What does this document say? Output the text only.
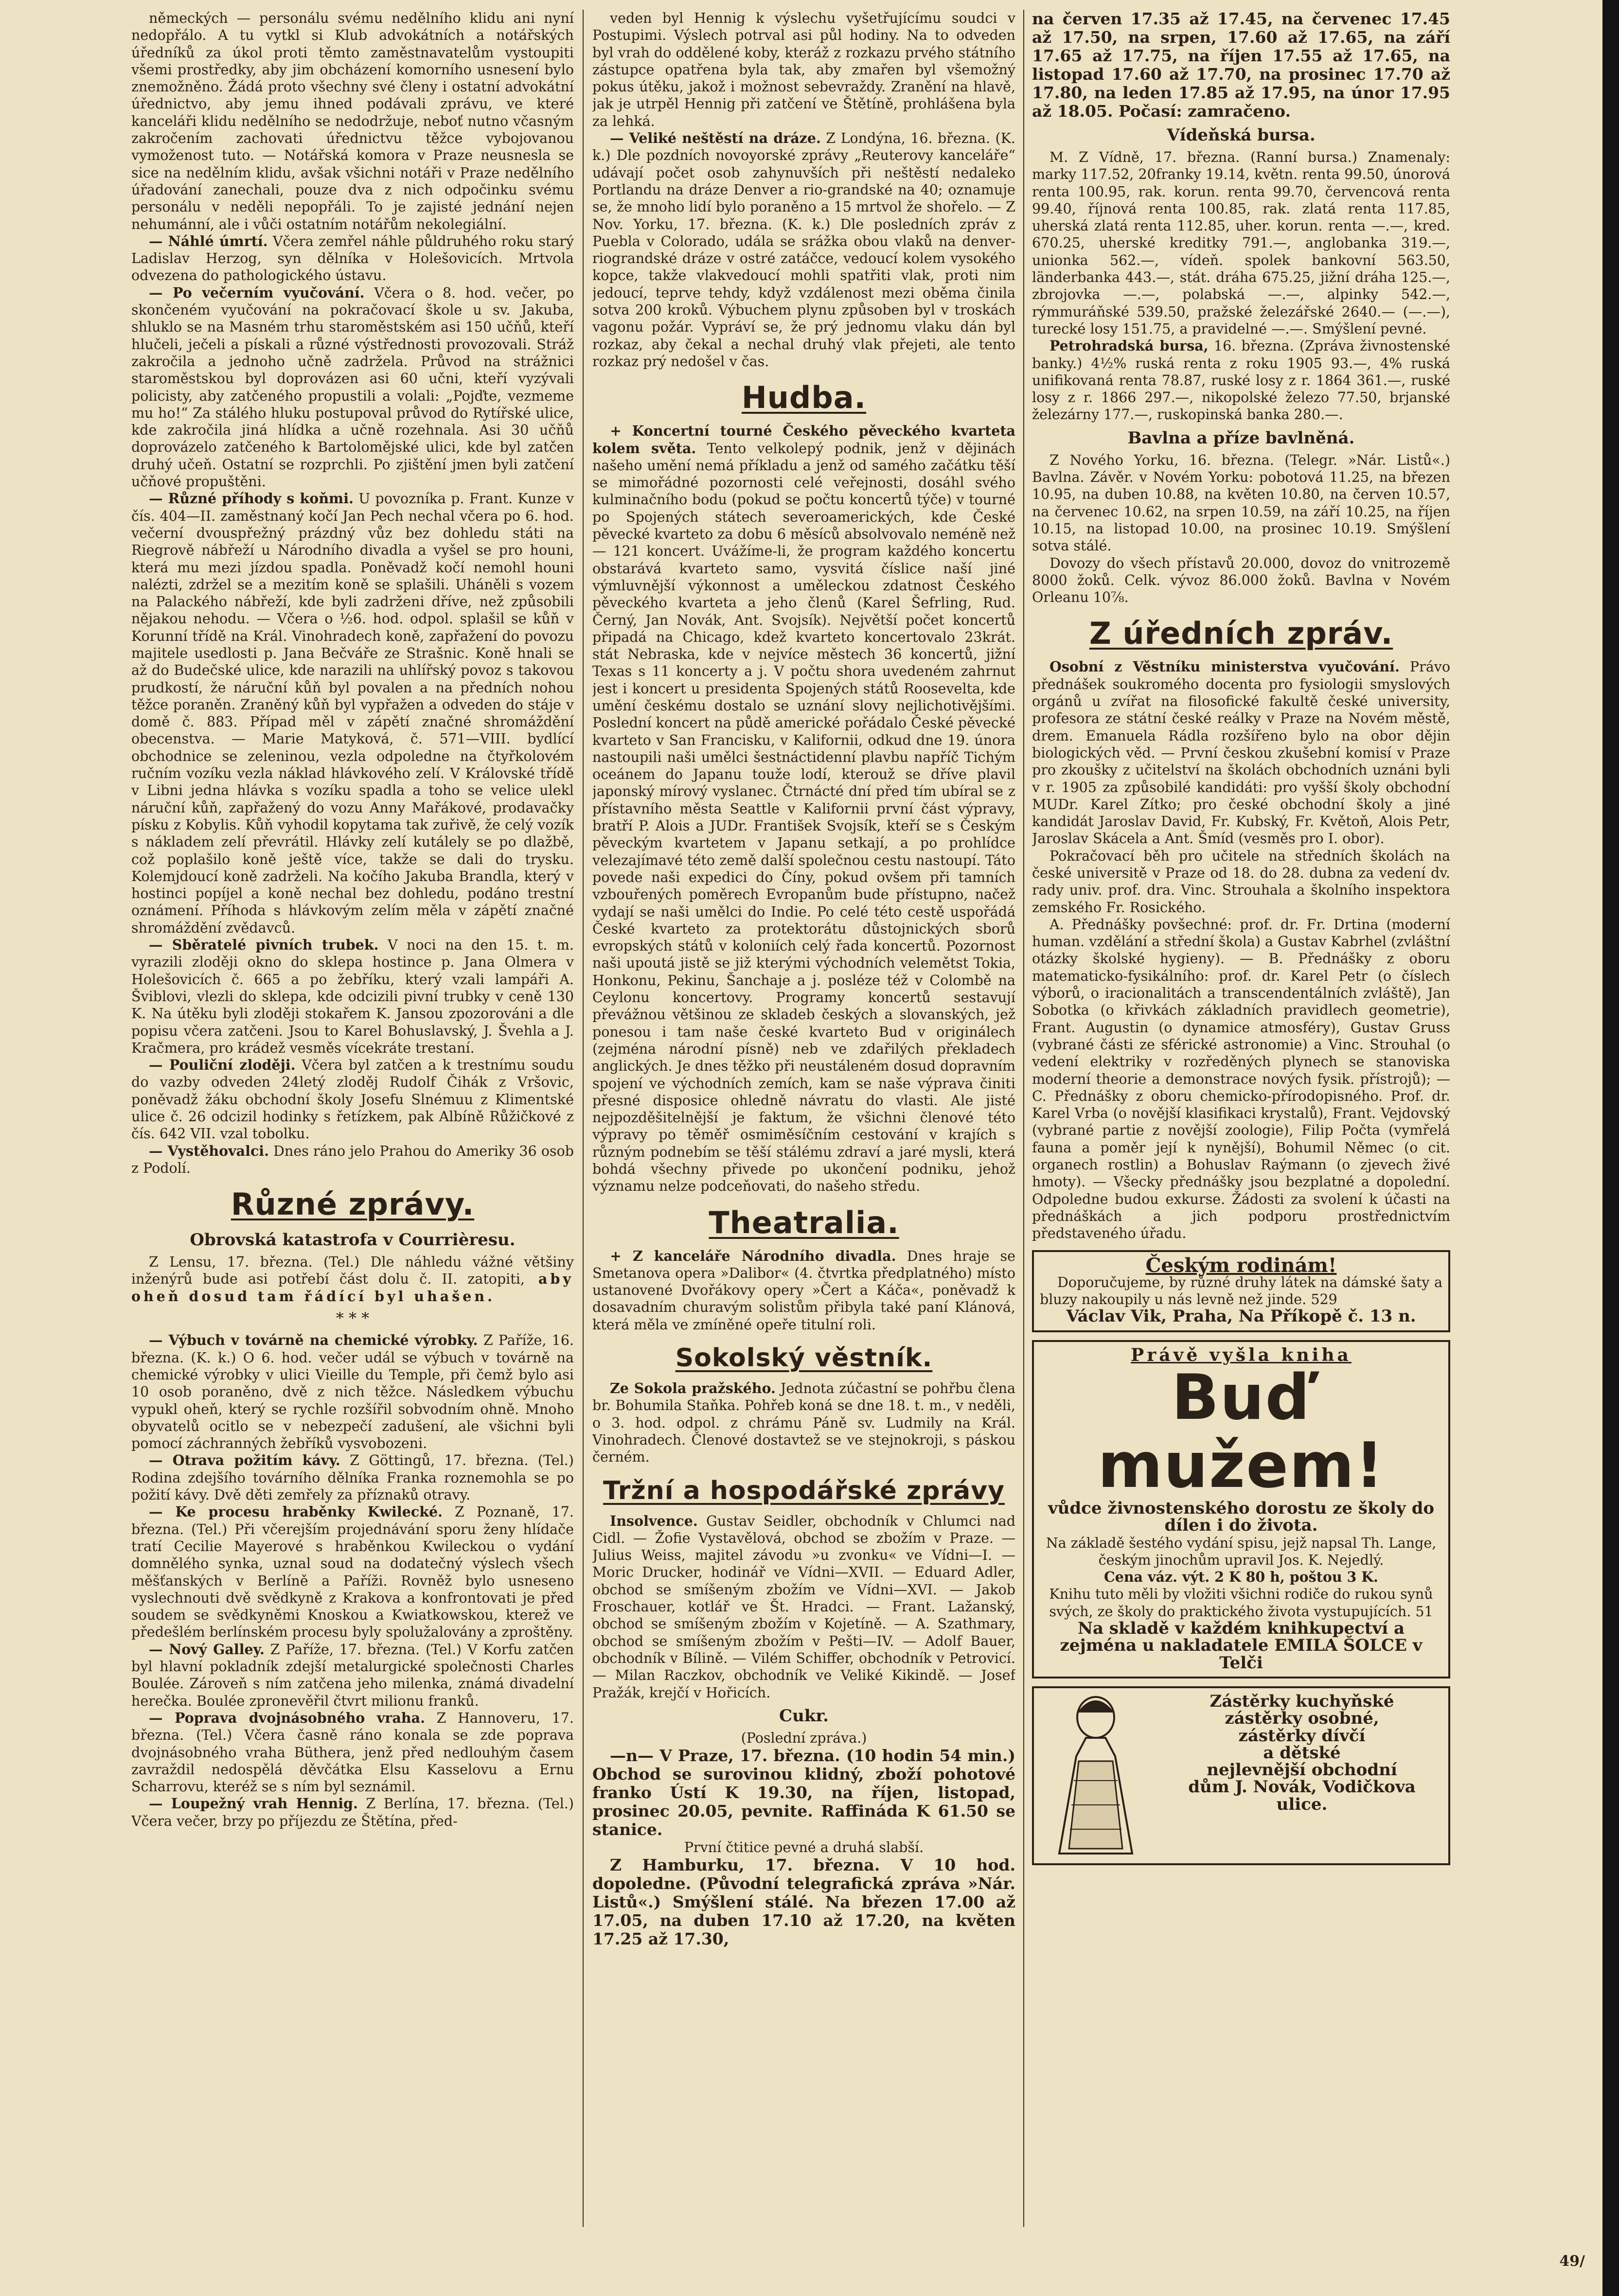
německých — personálu svému nedělního klidu ani nyní nedopřálo. A tu vytkl si Klub advokátních a notářských úředníků za úkol proti těmto zaměstnavatelům vystoupiti všemi prostředky, aby jim obcházení komorního usnesení bylo znemožněno. Žádá proto všechny své členy i ostatní advokátní úřednictvo, aby jemu ihned podávali zprávu, ve které kanceláři klidu nedělního se nedodržuje, neboť nutno včasným zakročením zachovati úřednictvu těžce vybojovanou vymoženost tuto. — Notářská komora v Praze neusnesla se sice na nedělním klidu, avšak všichni notáři v Praze nedělního úřadování zanechali, pouze dva z nich odpočinku svému personálu v neděli nepopřáli. To je zajisté jednání nejen nehumánní, ale i vůči ostatním notářům nekolegiální.

— Náhlé úmrtí. Včera zemřel náhle půldruhého roku starý Ladislav Herzog, syn dělníka v Holešovicích. Mrtvola odvezena do pathologického ústavu.

— Po večerním vyučování. Včera o 8. hod. večer, po skončeném vyučování na pokračovací škole u sv. Jakuba, shluklo se na Masném trhu staroměstském asi 150 učňů, kteří hlučeli, ječeli a pískali a různé výstřednosti provozovali. Stráž zakročila a jednoho učně zadržela. Průvod na strážnici staroměstskou byl doprovázen asi 60 učni, kteří vyzývali policisty, aby zatčeného propustili a volali: „Pojďte, vezmeme mu ho!“ Za stálého hluku postupoval průvod do Rytířské ulice, kde zakročila jiná hlídka a učně rozehnala. Asi 30 učňů doprovázelo zatčeného k Bartolomějské ulici, kde byl zatčen druhý učeň. Ostatní se rozprchli. Po zjištění jmen byli zatčení učňové propuštěni.

— Různé příhody s koňmi. U povozníka p. Frant. Kunze v čís. 404—II. zaměstnaný kočí Jan Pech nechal včera po 6. hod. večerní dvouspřežný prázdný vůz bez dohledu státi na Riegrově nábřeží u Národního divadla a vyšel se pro houni, která mu mezi jízdou spadla. Poněvadž kočí nemohl houni nalézti, zdržel se a mezitím koně se splašili. Uháněli s vozem na Palackého nábřeží, kde byli zadrženi dříve, než způsobili nějakou nehodu. — Včera o ½6. hod. odpol. splašil se kůň v Korunní třídě na Král. Vinohradech koně, zapřažení do povozu majitele usedlosti p. Jana Bečváře ze Strašnic. Koně hnali se až do Budečské ulice, kde narazili na uhlířský povoz s takovou prudkostí, že náruční kůň byl povalen a na předních nohou těžce poraněn. Zraněný kůň byl vypřažen a odveden do stáje v domě č. 883. Případ měl v zápětí značné shromáždění obecenstva. — Marie Matyková, č. 571—VIII. bydlící obchodnice se zeleninou, vezla odpoledne na čtyřkolovém ručním vozíku vezla náklad hlávkového zelí. V Královské třídě v Libni jedna hlávka s vozíku spadla a toho se velice ulekl náruční kůň, zapřažený do vozu Anny Mařákové, prodavačky písku z Kobylis. Kůň vyhodil kopytama tak zuřivě, že celý vozík s nákladem zelí převrátil. Hlávky zelí kutálely se po dlažbě, což poplašilo koně ještě více, takže se dali do trysku. Kolemjdoucí koně zadrželi. Na kočího Jakuba Brandla, který v hostinci popíjel a koně nechal bez dohledu, podáno trestní oznámení. Příhoda s hlávkovým zelím měla v zápětí značné shromáždění zvědavců.

— Sběratelé pivních trubek. V noci na den 15. t. m. vyrazili zloději okno do sklepa hostince p. Jana Olmera v Holešovicích č. 665 a po žebříku, který vzali lampáři A. Šviblovi, vlezli do sklepa, kde odcizili pivní trubky v ceně 130 K. Na útěku byli zloději stokařem K. Jansou zpozorováni a dle popisu včera zatčeni. Jsou to Karel Bohuslavský, J. Švehla a J. Kračmera, pro krádež vesměs vícekráte trestaní.

— Pouliční zloději. Včera byl zatčen a k trestnímu soudu do vazby odveden 24letý zloděj Rudolf Čihák z Vršovic, poněvadž žáku obchodní školy Josefu Slnémuu z Klimentské ulice č. 26 odcizil hodinky s řetízkem, pak Albíně Růžičkové z čís. 642 VII. vzal tobolku.

— Vystěhovalci. Dnes ráno jelo Prahou do Ameriky 36 osob z Podolí.

Různé zprávy.
Obrovská katastrofa v Courrièresu.

Z Lensu, 17. března. (Tel.) Dle náhledu vážné většiny inženýrů bude asi potřebí část dolu č. II. zatopiti, aby oheň dosud tam řádící byl uhašen.

* * *

— Výbuch v továrně na chemické výrobky. Z Paříže, 16. března. (K. k.) O 6. hod. večer udál se výbuch v továrně na chemické výrobky v ulici Vieille du Temple, při čemž bylo asi 10 osob poraněno, dvě z nich těžce. Následkem výbuchu vypukl oheň, který se rychle rozšířil sobvodním ohně. Mnoho obyvatelů ocitlo se v nebezpečí zadušení, ale všichni byli pomocí záchranných žebříků vysvobozeni.

— Otrava požitím kávy. Z Göttingů, 17. března. (Tel.) Rodina zdejšího továrního dělníka Franka roznemohla se po požití kávy. Dvě děti zemřely za příznaků otravy.

— Ke procesu hraběnky Kwilecké. Z Poznaně, 17. března. (Tel.) Při včerejším projednávání sporu ženy hlídače tratí Cecilie Mayerové s hraběnkou Kwileckou o vydání domnělého synka, uznal soud na dodatečný výslech všech měšťanských v Berlíně a Paříži. Rovněž bylo usneseno vyslechnouti dvě svědkyně z Krakova a konfrontovati je před soudem se svědkyněmi Knoskou a Kwiatkowskou, kterež ve předešlém berlínském procesu byly spolužalovány a zproštěny.

— Nový Galley. Z Paříže, 17. března. (Tel.) V Korfu zatčen byl hlavní pokladník zdejší metalurgické společnosti Charles Boulée. Zároveň s ním zatčena jeho milenka, známá divadelní herečka. Boulée zpronevěřil čtvrt milionu franků.

— Poprava dvojnásobného vraha. Z Hannoveru, 17. března. (Tel.) Včera časně ráno konala se zde poprava dvojnásobného vraha Büthera, jenž před nedlouhým časem zavraždil nedospělá děvčátka Elsu Kasselovu a Ernu Scharrovu, kteréž se s ním byl seznámil.

— Loupežný vrah Hennig. Z Berlína, 17. března. (Tel.) Včera večer, brzy po příjezdu ze Štětína, před-

veden byl Hennig k výslechu vyšetřujícímu soudci v Postupimi. Výslech potrval asi půl hodiny. Na to odveden byl vrah do oddělené koby, kteráž z rozkazu prvého státního zástupce opatřena byla tak, aby zmařen byl všemožný pokus útěku, jakož i možnost sebevraždy. Zranění na hlavě, jak je utrpěl Hennig při zatčení ve Štětíně, prohlášena byla za lehká.

— Veliké neštěstí na dráze. Z Londýna, 16. března. (K. k.) Dle pozdních novoyorské zprávy „Reuterovy kanceláře“ udávají počet osob zahynuvších při neštěstí nedaleko Portlandu na dráze Denver a rio-grandské na 40; oznamuje se, že mnoho lidí bylo poraněno a 15 mrtvol že shořelo. — Z Nov. Yorku, 17. března. (K. k.) Dle posledních zpráv z Puebla v Colorado, udála se srážka obou vlaků na denver-riograndské dráze v ostré zatáčce, vedoucí kolem vysokého kopce, takže vlakvedoucí mohli spatřiti vlak, proti nim jedoucí, teprve tehdy, když vzdálenost mezi oběma činila sotva 200 kroků. Výbuchem plynu způsoben byl v troskách vagonu požár. Vypráví se, že prý jednomu vlaku dán byl rozkaz, aby čekal a nechal druhý vlak přejeti, ale tento rozkaz prý nedošel v čas.

Hudba.

+ Koncertní tourné Českého pěveckého kvarteta kolem světa. Tento velkolepý podnik, jenž v dějinách našeho umění nemá příkladu a jenž od samého začátku těší se mimořádné pozornosti celé veřejnosti, dosáhl svého kulminačního bodu (pokud se počtu koncertů týče) v tourné po Spojených státech severoamerických, kde České pěvecké kvarteto za dobu 6 měsíců absolvovalo neméně než — 121 koncert. Uvážíme-li, že program každého koncertu obstarává kvarteto samo, vysvitá číslice naší jiné výmluvnější výkonnost a uměleckou zdatnost Českého pěveckého kvarteta a jeho členů (Karel Šefrling, Rud. Černý, Jan Novák, Ant. Svojsík). Největší počet koncertů připadá na Chicago, kdež kvarteto koncertovalo 23krát. stát Nebraska, kde v nejvíce městech 36 koncertů, jižní Texas s 11 koncerty a j. V počtu shora uvedeném zahrnut jest i koncert u presidenta Spojených států Roosevelta, kde umění českému dostalo se uznání slovy nejlichotivějšími. Poslední koncert na půdě americké pořádalo České pěvecké kvarteto v San Francisku, v Kalifornii, odkud dne 19. února nastoupili naši umělci šestnáctidenní plavbu napříč Tichým oceánem do Japanu touže lodí, kterouž se dříve plavil japonský mírový vyslanec. Čtrnácté dní před tím ubíral se z přístavního města Seattle v Kalifornii první část výpravy, bratří P. Alois a JUDr. František Svojsík, kteří se s Českým pěveckým kvartetem v Japanu setkají, a po prohlídce velezajímavé této země další společnou cestu nastoupí. Táto povede naši expedici do Číny, pokud ovšem při tamních vzbouřených poměrech Evropanům bude přístupno, načež vydají se naši umělci do Indie. Po celé této cestě uspořádá České kvarteto za protektorátu důstojnických sborů evropských států v koloniích celý řada koncertů. Pozornost naši upoutá jistě se již kterými východních velemětst Tokia, Honkonu, Pekinu, Šanchaje a j. posléze též v Colombě na Ceylonu koncertovy. Programy koncertů sestavují převážnou většinou ze skladeb českých a slovanských, jež ponesou i tam naše české kvarteto Bud v originálech (zejména národní písně) neb ve zdařilých překladech anglických. Je dnes těžko při neustáleném dosud dopravním spojení ve východních zemích, kam se naše výprava činiti přesné disposice ohledně návratu do vlasti. Ale jisté nejpozděšitelnější je faktum, že všichni členové této výpravy po těměř osmiměsíčním cestování v krajích s různým podnebím se těší stálému zdraví a jaré mysli, která bohdá všechny přivede po ukončení podniku, jehož významu nelze podceňovati, do našeho středu.

Theatralia.

+ Z kanceláře Národního divadla. Dnes hraje se Smetanova opera »Dalibor« (4. čtvrtka předplatného) místo ustanovené Dvořákovy opery »Čert a Káča«, poněvadž k dosavadním churavým solistům přibyla také paní Klánová, která měla ve zmíněné opeře titulní roli.

Sokolský věstník.

Ze Sokola pražského. Jednota zúčastní se pohřbu člena br. Bohumila Staňka. Pohřeb koná se dne 18. t. m., v neděli, o 3. hod. odpol. z chrámu Páně sv. Ludmily na Král. Vinohradech. Členové dostavtež se ve stejnokroji, s páskou černém.

Tržní a hospodářské zprávy

Insolvence. Gustav Seidler, obchodník v Chlumci nad Cidl. — Žofie Vystavělová, obchod se zbožím v Praze. — Julius Weiss, majitel závodu »u zvonku« ve Vídni—I. — Moric Drucker, hodinář ve Vídni—XVII. — Eduard Adler, obchod se smíšeným zbožím ve Vídni—XVI. — Jakob Froschauer, kotlář ve Št. Hradci. — Frant. Lažanský, obchod se smíšeným zbožím v Kojetíně. — A. Szathmary, obchod se smíšeným zbožím v Pešti—IV. — Adolf Bauer, obchodník v Bílině. — Vilém Schiffer, obchodník v Petrovicí. — Milan Raczkov, obchodník ve Veliké Kikindě. — Josef Pražák, krejčí v Hořicích.

Cukr.

(Poslední zpráva.)

—n— V Praze, 17. března. (10 hodin 54 min.) Obchod se surovinou klidný, zboží pohotové franko Ústí K 19.30, na říjen, listopad, prosinec 20.05, pevnite. Raffináda K 61.50 se stanice.

První čtitice pevné a druhá slabší.

Z Hamburku, 17. března. V 10 hod. dopoledne. (Původní telegrafická zpráva »Nár. Listů«.) Smýšlení stálé. Na březen 17.00 až 17.05, na duben 17.10 až 17.20, na květen 17.25 až 17.30,

na červen 17.35 až 17.45, na červenec 17.45 až 17.50, na srpen, 17.60 až 17.65, na září 17.65 až 17.75, na říjen 17.55 až 17.65, na listopad 17.60 až 17.70, na prosinec 17.70 až 17.80, na leden 17.85 až 17.95, na únor 17.95 až 18.05. Počasí: zamračeno.

Vídeňská bursa.

M. Z Vídně, 17. března. (Ranní bursa.) Znamenaly: marky 117.52, 20franky 19.14, květn. renta 99.50, únorová renta 100.95, rak. korun. renta 99.70, červencová renta 99.40, říjnová renta 100.85, rak. zlatá renta 117.85, uherská zlatá renta 112.85, uher. korun. renta —.—, kred. 670.25, uherské kreditky 791.—, anglobanka 319.—, unionka 562.—, vídeň. spolek bankovní 563.50, länderbanka 443.—, stát. dráha 675.25, jižní dráha 125.—, zbrojovka —.—, polabská —.—, alpinky 542.—, rýmmuráňské 539.50, pražské železářské 2640.— (—.—), turecké losy 151.75, a pravidelné —.—. Smýšlení pevné.

Petrohradská bursa, 16. března. (Zpráva živnostenské banky.) 4½% ruská renta z roku 1905 93.—, 4% ruská unifikovaná renta 78.87, ruské losy z r. 1864 361.—, ruské losy z r. 1866 297.—, nikopolské železo 77.50, brjanské železárny 177.—, ruskopinská banka 280.—.

Bavlna a příze bavlněná.

Z Nového Yorku, 16. března. (Telegr. »Nár. Listů«.) Bavlna. Závěr. v Novém Yorku: pobotová 11.25, na březen 10.95, na duben 10.88, na květen 10.80, na červen 10.57, na červenec 10.62, na srpen 10.59, na září 10.25, na říjen 10.15, na listopad 10.00, na prosinec 10.19. Smýšlení sotva stálé.

Dovozy do všech přístavů 20.000, dovoz do vnitrozemě 8000 žoků. Celk. vývoz 86.000 žoků. Bavlna v Novém Orleanu 10⅞.

Z úředních zpráv.

Osobní z Věstníku ministerstva vyučování. Právo přednášek soukromého docenta pro fysiologii smyslových orgánů u zvířat na filosofické fakultě české university, profesora ze státní české reálky v Praze na Novém městě, drem. Emanuela Rádla rozšířeno bylo na obor dějin biologických věd. — První českou zkušební komisí v Praze pro zkoušky z učitelství na školách obchodních uznáni byli v r. 1905 za způsobilé kandidáti: pro vyšší školy obchodní MUDr. Karel Zítko; pro české obchodní školy a jiné kandidát Jaroslav David, Fr. Kubský, Fr. Květoň, Alois Petr, Jaroslav Skácela a Ant. Šmíd (vesměs pro I. obor).

Pokračovací běh pro učitele na středních školách na české universitě v Praze od 18. do 28. dubna za vedení dv. rady univ. prof. dra. Vinc. Strouhala a školního inspektora zemského Fr. Rosického.

A. Přednášky povšechné: prof. dr. Fr. Drtina (moderní human. vzdělání a střední škola) a Gustav Kabrhel (zvláštní otázky školské hygieny). — B. Přednášky z oboru matematicko-fysikálního: prof. dr. Karel Petr (o číslech výborů, o iracionalitách a transcendentálních zvláště), Jan Sobotka (o křivkách základních pravidlech geometrie), Frant. Augustin (o dynamice atmosféry), Gustav Gruss (vybrané části ze sférické astronomie) a Vinc. Strouhal (o vedení elektriky v rozředěných plynech se stanoviska moderní theorie a demonstrace nových fysik. přístrojů); — C. Přednášky z oboru chemicko-přírodopisného. Prof. dr. Karel Vrba (o novější klasifikaci krystalů), Frant. Vejdovský (vybrané partie z novější zoologie), Filip Počta (vymřelá fauna a poměr její k nynější), Bohumil Němec (o cit. organech rostlin) a Bohuslav Raýmann (o zjevech živé hmoty). — Všecky přednášky jsou bezplatné a dopolední. Odpoledne budou exkurse. Žádosti za svolení k účasti na přednáškách a jich podporu prostřednictvím představeného úřadu.

Českým rodinám!

Doporučujeme, by různé druhy látek na dámské šaty a bluzy nakoupily u nás levně než jinde. 529

Václav Vik, Praha, Na Příkopě č. 13 n.

Právě vyšla kniha
Buď mužem!

vůdce živnostenského dorostu ze školy do dílen i do života.

Na základě šestého vydání spisu, jejž napsal Th. Lange, českým jinochům upravil Jos. K. Nejedlý.

Cena váz. výt. 2 K 80 h, poštou 3 K.

Knihu tuto měli by vložiti všichni rodiče do rukou synů svých, ze školy do praktického života vystupujících. 51

Na skladě v každém knihkupectví a zejména u nakladatele EMILA ŠOLCE v Telči

Zástěrky kuchyňské

zástěrky osobné,

zástěrky dívčí

a dětské

nejlevnější obchodní

dům J. Novák, Vodičkova ulice.

49/
